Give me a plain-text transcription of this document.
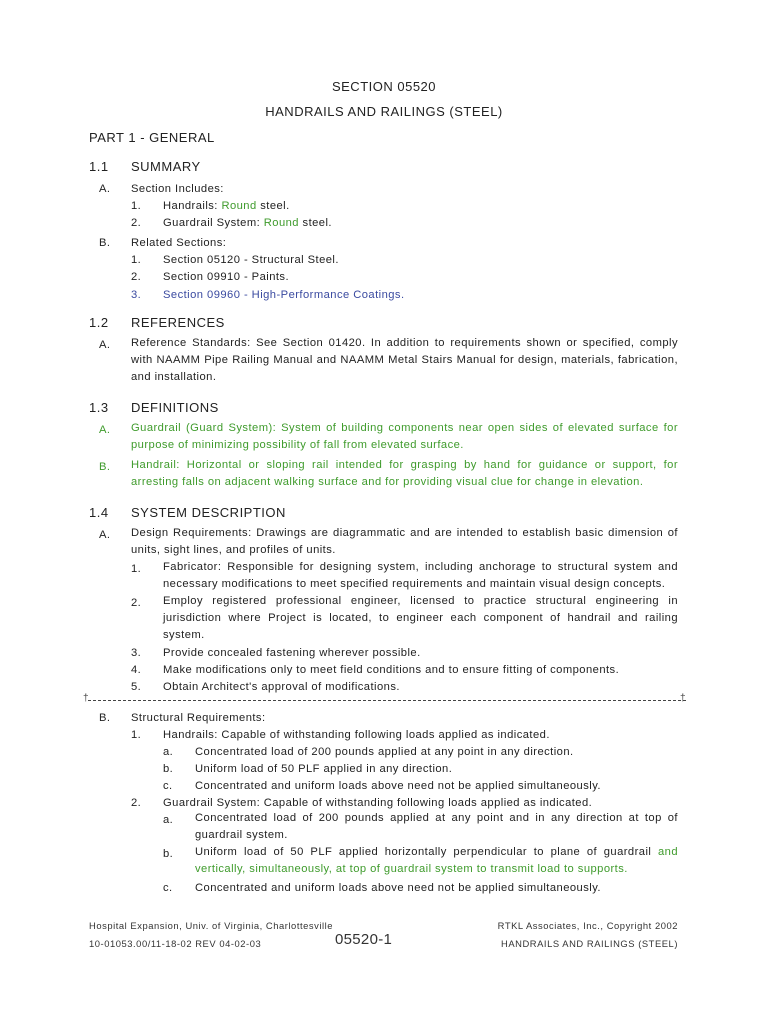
SECTION 05520
HANDRAILS AND RAILINGS (STEEL)
PART 1 - GENERAL
1.1 SUMMARY
A. Section Includes:
1. Handrails: Round steel.
2. Guardrail System: Round steel.
B. Related Sections:
1. Section 05120 - Structural Steel.
2. Section 09910 - Paints.
3. Section 09960 - High-Performance Coatings.
1.2 REFERENCES
A. Reference Standards: See Section 01420. In addition to requirements shown or specified, comply with NAAMM Pipe Railing Manual and NAAMM Metal Stairs Manual for design, materials, fabrication, and installation.
1.3 DEFINITIONS
A. Guardrail (Guard System): System of building components near open sides of elevated surface for purpose of minimizing possibility of fall from elevated surface.
B. Handrail: Horizontal or sloping rail intended for grasping by hand for guidance or support, for arresting falls on adjacent walking surface and for providing visual clue for change in elevation.
1.4 SYSTEM DESCRIPTION
A. Design Requirements: Drawings are diagrammatic and are intended to establish basic dimension of units, sight lines, and profiles of units.
1. Fabricator: Responsible for designing system, including anchorage to structural system and necessary modifications to meet specified requirements and maintain visual design concepts.
2. Employ registered professional engineer, licensed to practice structural engineering in jurisdiction where Project is located, to engineer each component of handrail and railing system.
3. Provide concealed fastening wherever possible.
4. Make modifications only to meet field conditions and to ensure fitting of components.
5. Obtain Architect's approval of modifications.
†	†
B. Structural Requirements:
1. Handrails: Capable of withstanding following loads applied as indicated.
a. Concentrated load of 200 pounds applied at any point in any direction.
b. Uniform load of 50 PLF applied in any direction.
c. Concentrated and uniform loads above need not be applied simultaneously.
2. Guardrail System: Capable of withstanding following loads applied as indicated.
a. Concentrated load of 200 pounds applied at any point and in any direction at top of guardrail system.
b. Uniform load of 50 PLF applied horizontally perpendicular to plane of guardrail and vertically, simultaneously, at top of guardrail system to transmit load to supports.
c. Concentrated and uniform loads above need not be applied simultaneously.
Hospital Expansion, Univ. of Virginia, Charlottesville
10-01053.00/11-18-02 REV 04-02-03	05520-1
RTKL Associates, Inc., Copyright 2002
HANDRAILS AND RAILINGS (STEEL)
